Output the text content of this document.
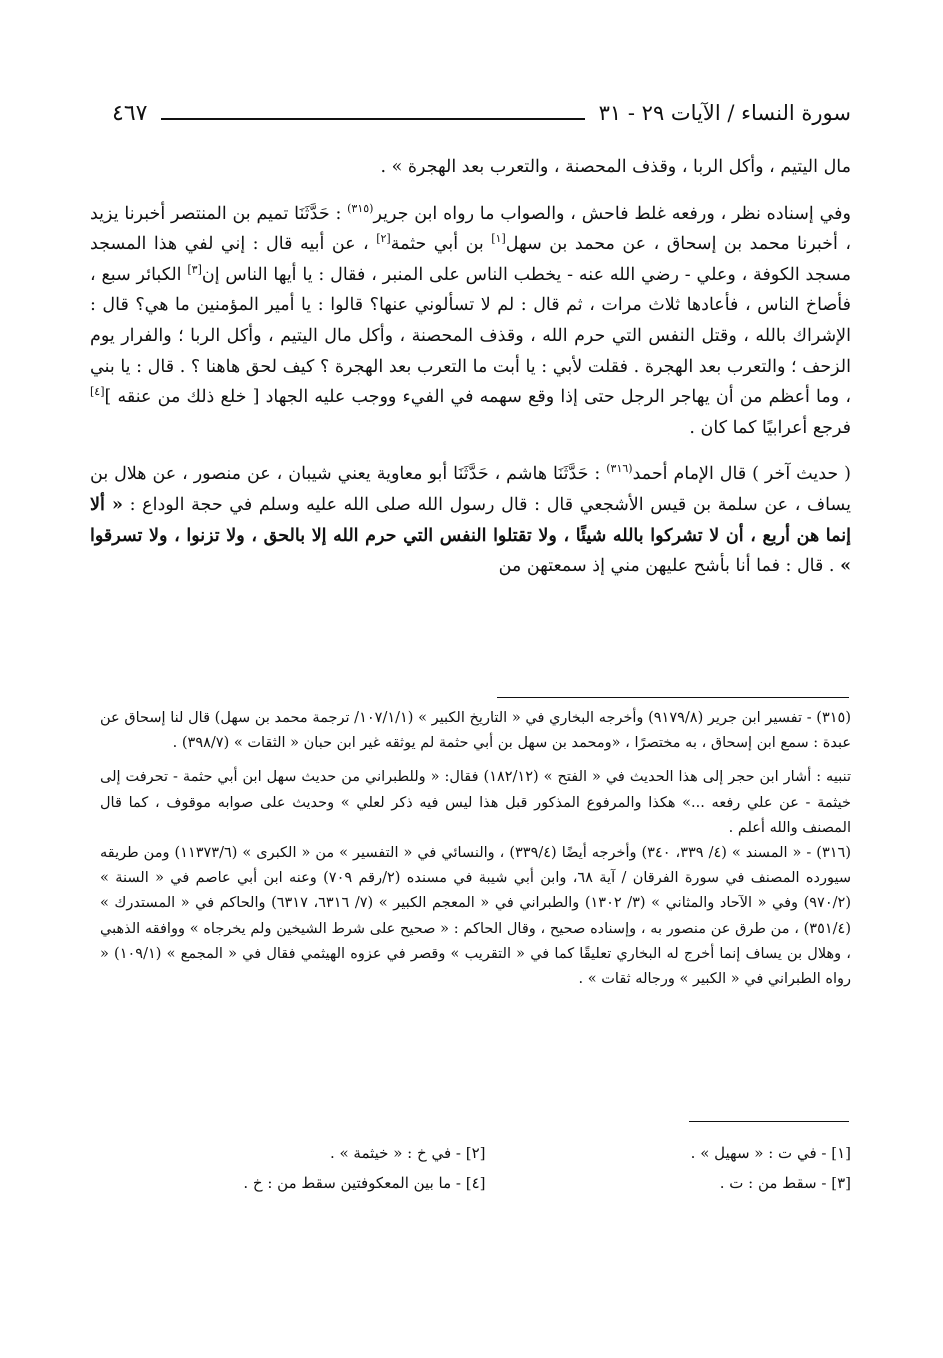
سورة النساء / الآيات ٢٩ - ٣١
٤٦٧

مال اليتيم ، وأكل الربا ، وقذف المحصنة ، والتعرب بعد الهجرة » .

وفي إسناده نظر ، ورفعه غلط فاحش ، والصواب ما رواه ابن جرير$^{(٣١٥)}$ : حَدَّثَنَا تميم بن المنتصر أخبرنا يزيد ، أخبرنا محمد بن إسحاق ، عن محمد بن سهل[١] بن أبي حثمة[٢] ، عن أبيه قال : إني لفي هذا المسجد مسجد الكوفة ، وعلي - رضي الله عنه - يخطب الناس على المنبر ، فقال : يا أيها الناس إن[٣] الكبائر سبع ، فأصاخ الناس ، فأعادها ثلاث مرات ، ثم قال : لم لا تسألوني عنها؟ قالوا : يا أمير المؤمنين ما هي؟ قال : الإشراك بالله ، وقتل النفس التي حرم الله ، وقذف المحصنة ، وأكل مال اليتيم ، وأكل الربا ؛ والفرار يوم الزحف ؛ والتعرب بعد الهجرة . فقلت لأبي : يا أبت ما التعرب بعد الهجرة ؟ كيف لحق هاهنا ؟ . قال : يا بني ، وما أعظم من أن يهاجر الرجل حتى إذا وقع سهمه في الفيء ووجب عليه الجهاد [ خلع ذلك من عنقه ][٤] فرجع أعرابيًا كما كان .

( حديث آخر ) قال الإمام أحمد$^{(٣١٦)}$ : حَدَّثَنَا هاشم ، حَدَّثَنَا أبو معاوية يعني شيبان ، عن منصور ، عن هلال بن يساف ، عن سلمة بن قيس الأشجعي قال : قال رسول الله صلى الله عليه وسلم في حجة الوداع : « ألا إنما هن أربع ، أن لا تشركوا بالله شيئًا ، ولا تقتلوا النفس التي حرم الله إلا بالحق ، ولا تزنوا ، ولا تسرقوا » . قال : فما أنا بأشح عليهن مني إذ سمعتهن من

(٣١٥) - تفسير ابن جرير (٩١٧٩/٨) وأخرجه البخاري في « التاريخ الكبير » (١٠٧/١/١/ ترجمة محمد بن سهل) قال لنا إسحاق عن عبدة : سمع ابن إسحاق ، به مختصرًا ، «ومحمد بن سهل بن أبي حثمة لم يوثقه غير ابن حبان « الثقات » (٣٩٨/٧) .

تنبيه : أشار ابن حجر إلى هذا الحديث في « الفتح » (١٨٢/١٢) فقال: « وللطبراني من حديث سهل ابن أبي حثمة - تحرفت إلى خيثمة - عن علي رفعه ...» هكذا والمرفوع المذكور قبل هذا ليس فيه ذكر لعلي » وحديث على صوابه موقوف ، كما قال المصنف والله أعلم .

(٣١٦) - « المسند » (٤/ ٣٣٩، ٣٤٠) وأخرجه أيضًا (٣٣٩/٤) ، والنسائي في « التفسير » من « الكبرى » (١١٣٧٣/٦) ومن طريقه سيورده المصنف في سورة الفرقان / آية ٦٨، وابن أبي شيبة في مسنده (٢/رقم ٧٠٩) وعنه ابن أبي عاصم في « السنة » (٩٧٠/٢) وفي « الآحاد والمثاني » (٣/ ١٣٠٢) والطبراني في « المعجم الكبير » (٧/ ٦٣١٦، ٦٣١٧) والحاكم في « المستدرك » (٣٥١/٤) ، من طرق عن منصور به ، وإسناده صحيح ، وقال الحاكم : « صحيح على شرط الشيخين ولم يخرجاه » ووافقه الذهبي ، وهلال بن يساف إنما أخرج له البخاري تعليقًا كما في « التقريب » وقصر في عزوه الهيثمي فقال في « المجمع » (١٠٩/١) « رواه الطبراني في « الكبير » ورجاله ثقات » .

[١] - في ت : « سهيل » .
[٢] - في خ : « خيثمة » .
[٣] - سقط من : ت .
[٤] - ما بين المعكوفتين سقط من : خ .
